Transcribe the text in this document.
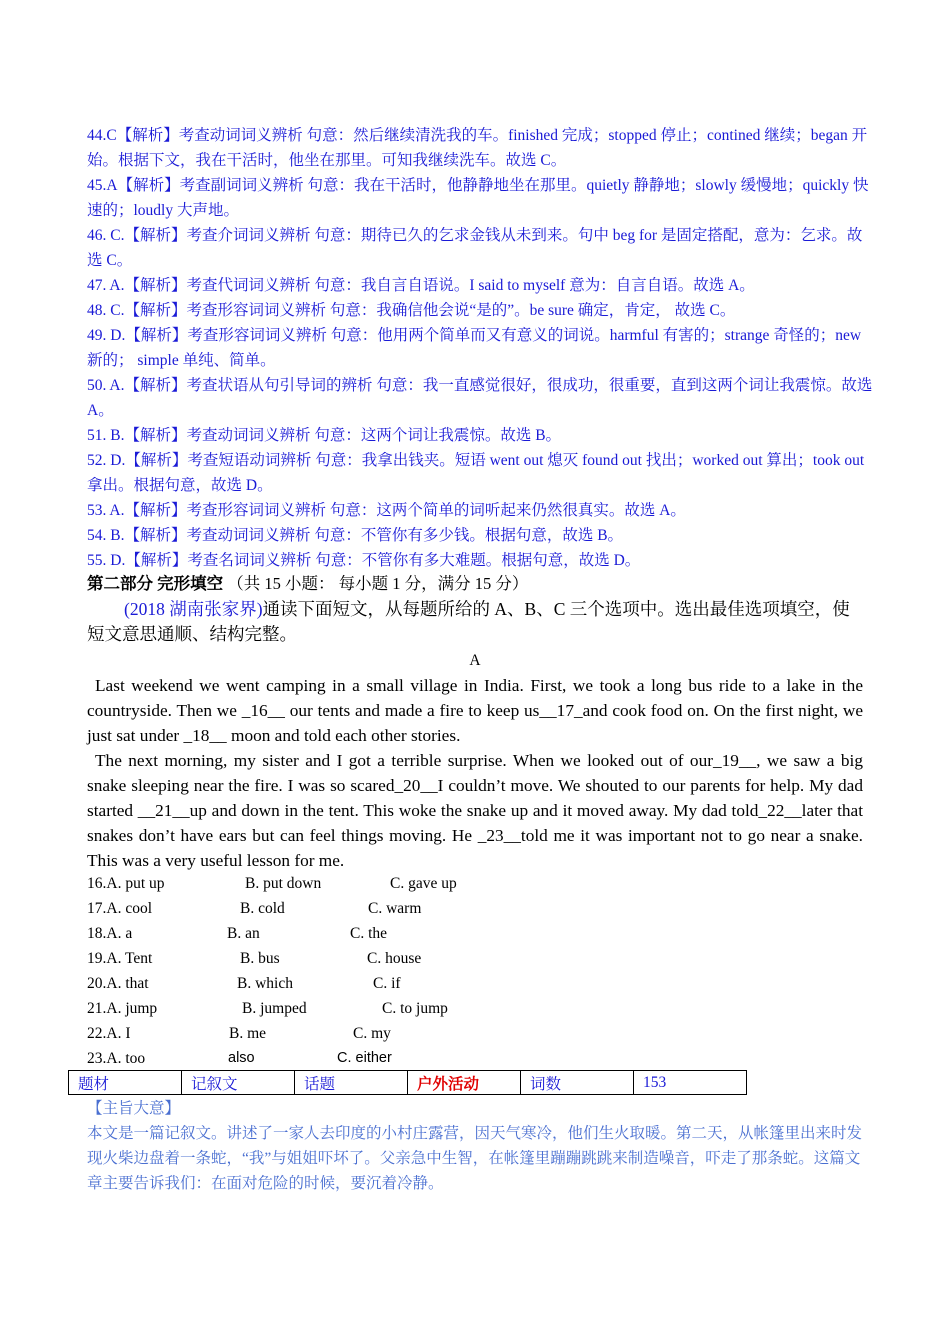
44.C【解析】考查动词词义辨析 句意：然后继续清洗我的车。finished 完成；stopped 停止；contined 继续；began 开始。根据下文，我在干活时，他坐在那里。可知我继续洗车。故选 C。

45.A【解析】考查副词词义辨析 句意：我在干活时，他静静地坐在那里。quietly 静静地；slowly 缓慢地；quickly 快速的；loudly 大声地。

46. C.【解析】考查介词词义辨析 句意：期待已久的乞求金钱从未到来。句中 beg for 是固定搭配，意为：乞求。故选 C。

47. A.【解析】考查代词词义辨析 句意：我自言自语说。I said to myself 意为：自言自语。故选 A。

48. C.【解析】考查形容词词义辨析 句意：我确信他会说“是的”。be sure 确定，肯定， 故选 C。

49. D.【解析】考查形容词词义辨析 句意：他用两个简单而又有意义的词说。harmful 有害的；strange 奇怪的；new 新的； simple 单纯、简单。

50. A.【解析】考查状语从句引导词的辨析 句意：我一直感觉很好，很成功，很重要，直到这两个词让我震惊。故选 A。

51. B.【解析】考查动词词义辨析 句意：这两个词让我震惊。故选 B。

52. D.【解析】考查短语动词辨析 句意：我拿出钱夹。短语 went out 熄灭 found out 找出；worked out 算出；took out 拿出。根据句意，故选 D。

53. A.【解析】考查形容词词义辨析 句意：这两个简单的词听起来仍然很真实。故选 A。

54. B.【解析】考查动词词义辨析 句意：不管你有多少钱。根据句意，故选 B。

55. D.【解析】考查名词词义辨析 句意：不管你有多大难题。根据句意，故选 D。

第二部分 完形填空 （共 15 小题： 每小题 1 分，满分 15 分）

(2018 湖南张家界)通读下面短文，从每题所给的 A、B、C 三个选项中。选出最佳选项填空，使短文意思通顺、结构完整。

A

Last weekend we went camping in a small village in India. First, we took a long bus ride to a lake in the countryside. Then we _16__ our tents and made a fire to keep us__17_and cook food on. On the first night, we just sat under _18__ moon and told each other stories.

The next morning, my sister and I got a terrible surprise. When we looked out of our_19__, we saw a big snake sleeping near the fire. I was so scared_20__I couldn’t move. We shouted to our parents for help. My dad started __21__up and down in the tent. This woke the snake up and it moved away. My dad told_22__later that snakes don’t have ears but can feel things moving. He _23__told me it was important not to go near a snake. This was a very useful lesson for me.

16.A. put up	B. put down	C. gave up
17.A. cool	B. cold	C. warm
18.A. a	B. an	C. the
19.A. Tent	B. bus	C. house
20.A. that	B. which	C. if
21.A. jump	B. jumped	C. to jump
22.A. I	B. me	C. my
23.A. too	also	C. either
题材	记叙文	话题	户外活动	词数	153

【主旨大意】

本文是一篇记叙文。讲述了一家人去印度的小村庄露营，因天气寒冷，他们生火取暖。第二天，从帐篷里出来时发现火柴边盘着一条蛇，“我”与姐姐吓坏了。父亲急中生智，在帐篷里蹦蹦跳跳来制造噪音，吓走了那条蛇。这篇文章主要告诉我们：在面对危险的时候，要沉着冷静。
